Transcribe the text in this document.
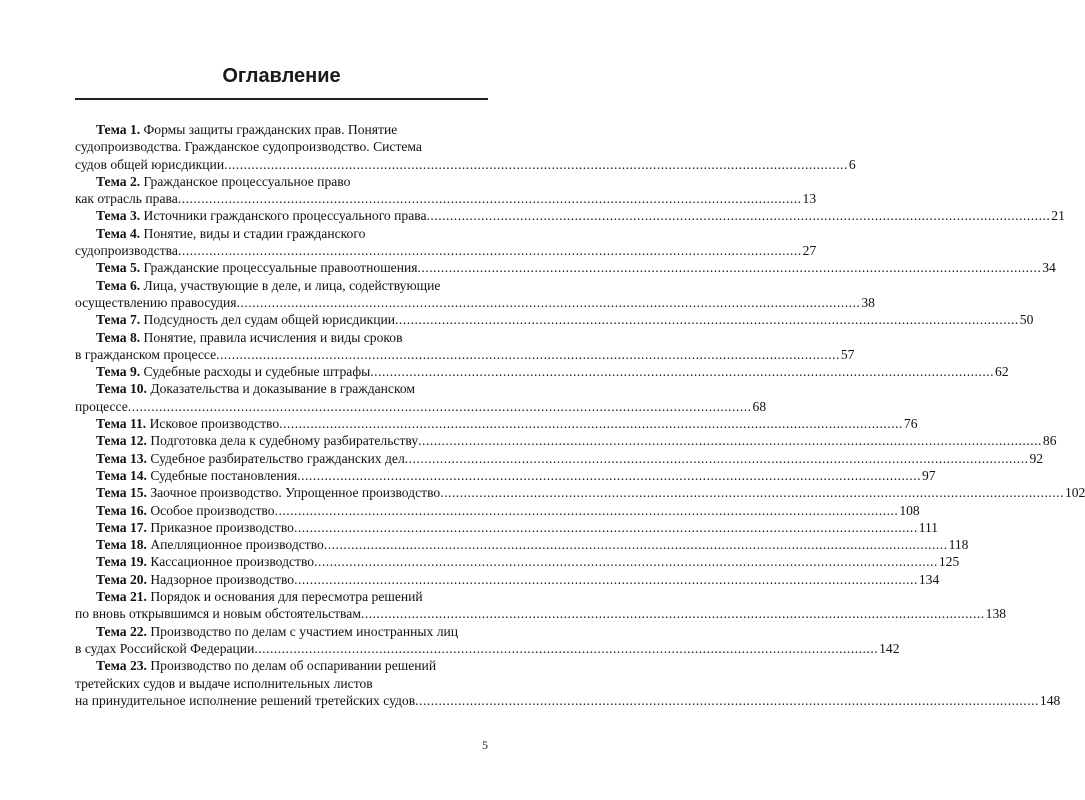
Оглавление
Тема 1. Формы защиты гражданских прав. Понятие
судопроизводства. Гражданское судопроизводство. Система
судов общей юрисдикции ................................................................................................................................................................ 6
Тема 2. Гражданское процессуальное право
как отрасль права ................................................................................................................................................................ 13
Тема 3. Источники гражданского процессуального права ................................................................................................................................................................ 21
Тема 4. Понятие, виды и стадии гражданского
судопроизводства ................................................................................................................................................................ 27
Тема 5. Гражданские процессуальные правоотношения ................................................................................................................................................................ 34
Тема 6. Лица, участвующие в деле, и лица, содействующие
осуществлению правосудия ................................................................................................................................................................ 38
Тема 7. Подсудность дел судам общей юрисдикции ................................................................................................................................................................ 50
Тема 8. Понятие, правила исчисления и виды сроков
в гражданском процессе ................................................................................................................................................................ 57
Тема 9. Судебные расходы и судебные штрафы ................................................................................................................................................................ 62
Тема 10. Доказательства и доказывание в гражданском
процессе ................................................................................................................................................................ 68
Тема 11. Исковое производство ................................................................................................................................................................ 76
Тема 12. Подготовка дела к судебному разбирательству ................................................................................................................................................................ 86
Тема 13. Судебное разбирательство гражданских дел ................................................................................................................................................................ 92
Тема 14. Судебные постановления ................................................................................................................................................................ 97
Тема 15. Заочное производство. Упрощенное производство ................................................................................................................................................................ 102
Тема 16. Особое производство ................................................................................................................................................................ 108
Тема 17. Приказное производство ................................................................................................................................................................ 111
Тема 18. Апелляционное производство ................................................................................................................................................................ 118
Тема 19. Кассационное производство ................................................................................................................................................................ 125
Тема 20. Надзорное производство ................................................................................................................................................................ 134
Тема 21. Порядок и основания для пересмотра решений
по вновь открывшимся и новым обстоятельствам ................................................................................................................................................................ 138
Тема 22. Производство по делам с участием иностранных лиц
в судах Российской Федерации ................................................................................................................................................................ 142
Тема 23. Производство по делам об оспаривании решений
третейских судов и выдаче исполнительных листов
на принудительное исполнение решений третейских судов ................................................................................................................................................................ 148
5
